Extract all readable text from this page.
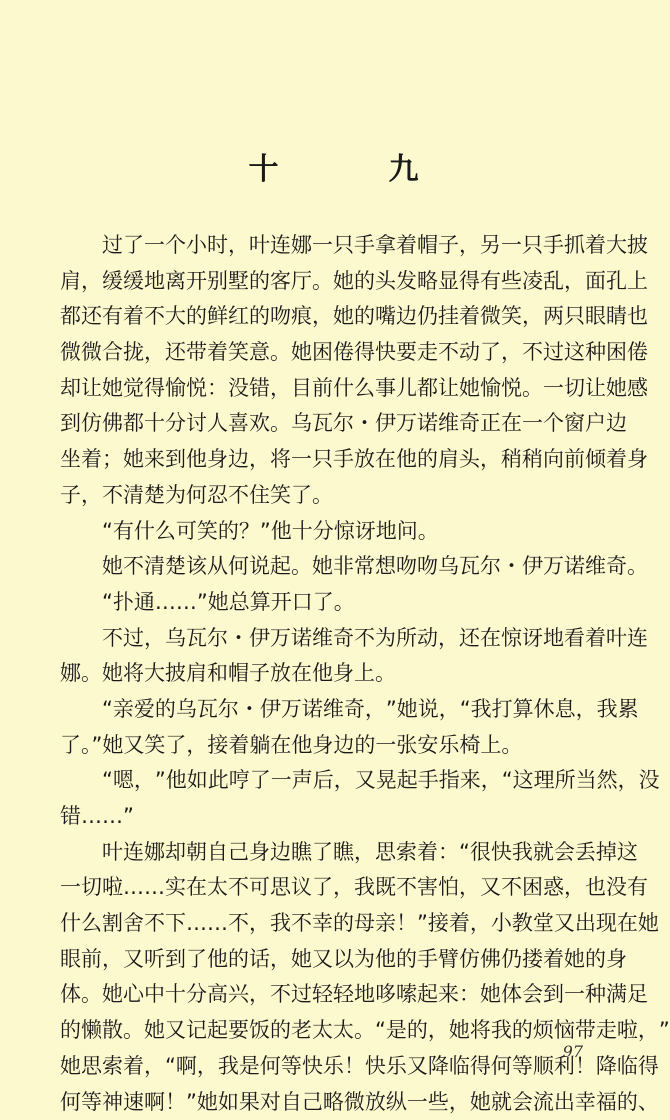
十　九
过 了 一 个 小 时 ， 叶 连 娜 一 只 手 拿 着 帽 子 ， 另 一 只 手 抓 着 大 披
肩 ， 缓 缓 地 离 开 别 墅 的 客 厅 。 她 的 头 发 略 显 得 有 些 凌 乱 ， 面 孔 上
都 还 有 着 不 大 的 鲜 红 的 吻 痕 ， 她 的 嘴 边 仍 挂 着 微 笑 ， 两 只 眼 睛 也
微 微 合 拢 ， 还 带 着 笑 意 。 她 困 倦 得 快 要 走 不 动 了 ， 不 过 这 种 困 倦
却 让 她 觉 得 愉 悦 ： 没 错 ， 目 前 什 么 事 儿 都 让 她 愉 悦 。 一 切 让 她 感
到 仿 佛 都 十 分 讨 人 喜 欢 。 乌 瓦 尔 ・ 伊 万 诺 维 奇 正 在 一 个 窗 户 边
坐 着 ； 她 来 到 他 身 边 ， 将 一 只 手 放 在 他 的 肩 头 ， 稍 稍 向 前 倾 着 身
子，不清楚为何忍不住笑了。
“有什么可笑的？”他十分惊讶地问。
她不清楚该从何说起。她非常想吻吻乌瓦尔・伊万诺维奇。
“扑通……”她总算开口了。
不 过 ， 乌 瓦 尔 ・ 伊 万 诺 维 奇 不 为 所 动 ， 还 在 惊 讶 地 看 着 叶 连
娜。她将大披肩和帽子放在他身上。
“ 亲 爱 的 乌 瓦 尔 ・ 伊 万 诺 维 奇 ， ” 她 说 ， “ 我 打 算 休 息 ， 我 累
了。”她又笑了，接着躺在他身边的一张安乐椅上。
“ 嗯 ， ” 他 如 此 哼 了 一 声 后 ， 又 晃 起 手 指 来 ， “ 这 理 所 当 然 ， 没
错……”
叶 连 娜 却 朝 自 己 身 边 瞧 了 瞧 ， 思 索 着 ： “ 很 快 我 就 会 丢 掉 这
一 切 啦 … … 实 在 太 不 可 思 议 了 ， 我 既 不 害 怕 ， 又 不 困 惑 ， 也 没 有
什 么 割 舍 不 下 … … 不 ， 我 不 幸 的 母 亲 ！ ” 接 着 ， 小 教 堂 又 出 现 在 她
眼 前 ， 又 听 到 了 他 的 话 ， 她 又 以 为 他 的 手 臂 仿 佛 仍 搂 着 她 的 身
体 。 她 心 中 十 分 高 兴 ， 不 过 轻 轻 地 哆 嗦 起 来 ： 她 体 会 到 一 种 满 足
的 懒 散 。 她 又 记 起 要 饭 的 老 太 太 。 “ 是 的 ， 她 将 我 的 烦 恼 带 走 啦 ， ”
她 思 索 着 ， “ 啊 ， 我 是 何 等 快 乐 ！ 快 乐 又 降 临 得 何 等 顺 利 ！ 降 临 得
何 等 神 速 啊 ！ ” 她 如 果 对 自 己 略 微 放 纵 一 些 ， 她 就 会 流 出 幸 福 的 、
97
